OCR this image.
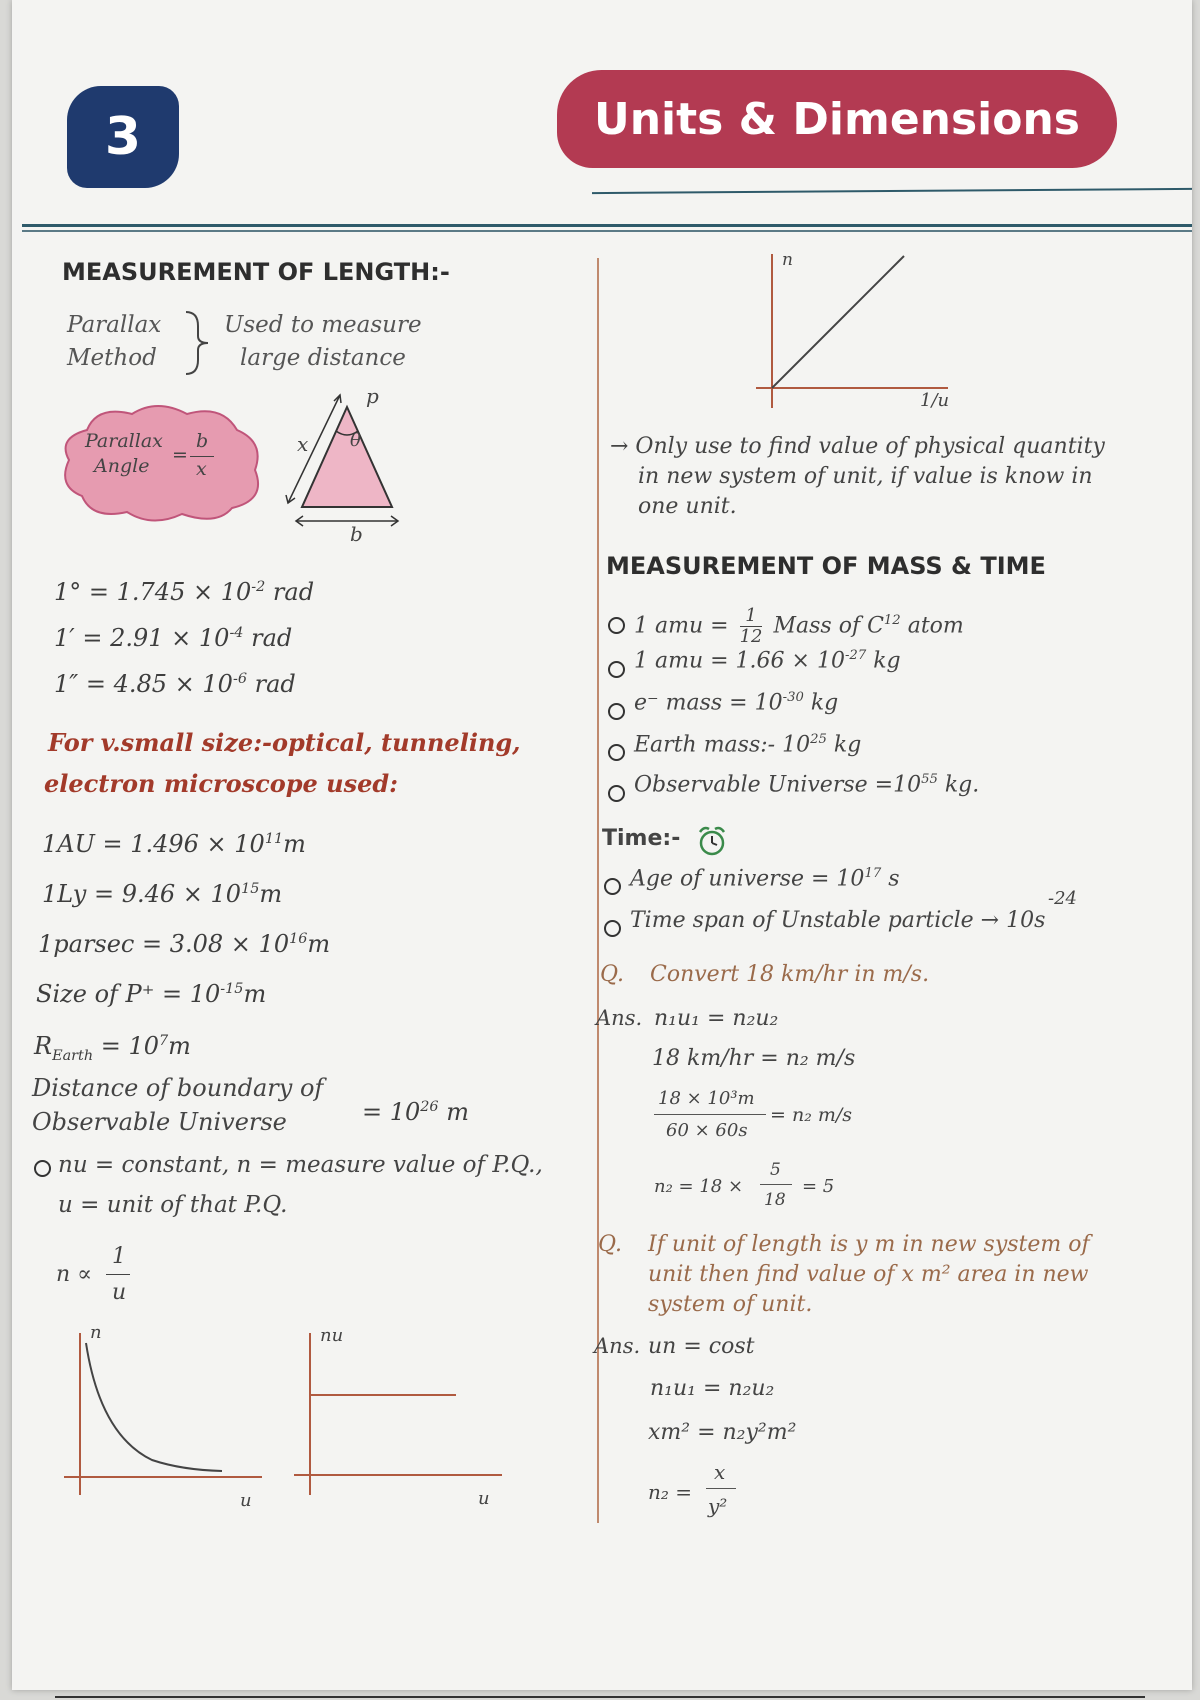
3	Units & Dimensions
MEASUREMENT OF LENGTH:-
Parallax
Method
Used to measure
large distance
Parallax
Angle =
b
x
p
θ
x
b
$1^\circ = 1.745 \times 10^{-2}$ rad
$1' = 2.91 \times 10^{-4}$ rad
$1'' = 4.85 \times 10^{-6}$ rad
For v.small size:-optical, tunneling,
electron microscope used:
$1AU = 1.496 \times 10^{11}m$
$1Ly = 9.46 \times 10^{15}m$
$1parsec = 3.08 \times 10^{16}m$
Size of $P^+ = 10^{-15}m$
$R_{Earth} = 10^7m$
Distance of boundary of
Observable Universe	= $10^{26}$ m
nu = constant, n = measure value of P.Q.,
u = unit of that P.Q.
n ∝
1
u
n
u
nu
u
n
1/u
→ Only use to find value of physical quantity
in new system of unit, if value is know in
one unit.
MEASUREMENT OF MASS & TIME
1 amu = $\frac{1}{12}$ Mass of $C^{12}$ atom
1 amu = $1.66 \times 10^{-27}$ kg
e⁻ mass = $10^{-30}$ kg
Earth mass:- $10^{25}$ kg
Observable Universe $=10^{55}$ kg.
Time:-
Age of universe = $10^{17}$ s
Time span of Unstable particle → 10s
-24
Q. Convert 18 km/hr in m/s.
Ans. n₁u₁ = n₂u₂
18 km/hr = n₂ m/s
18 × 10³m
60 × 60s
= n₂ m/s
n₂ = 18 ×
5
18
= 5
Q. If unit of length is y m in new system of
unit then find value of x m² area in new
system of unit.
Ans. un = cost
n₁u₁ = n₂u₂
xm² = n₂y²m²
n₂ =
x
y²
